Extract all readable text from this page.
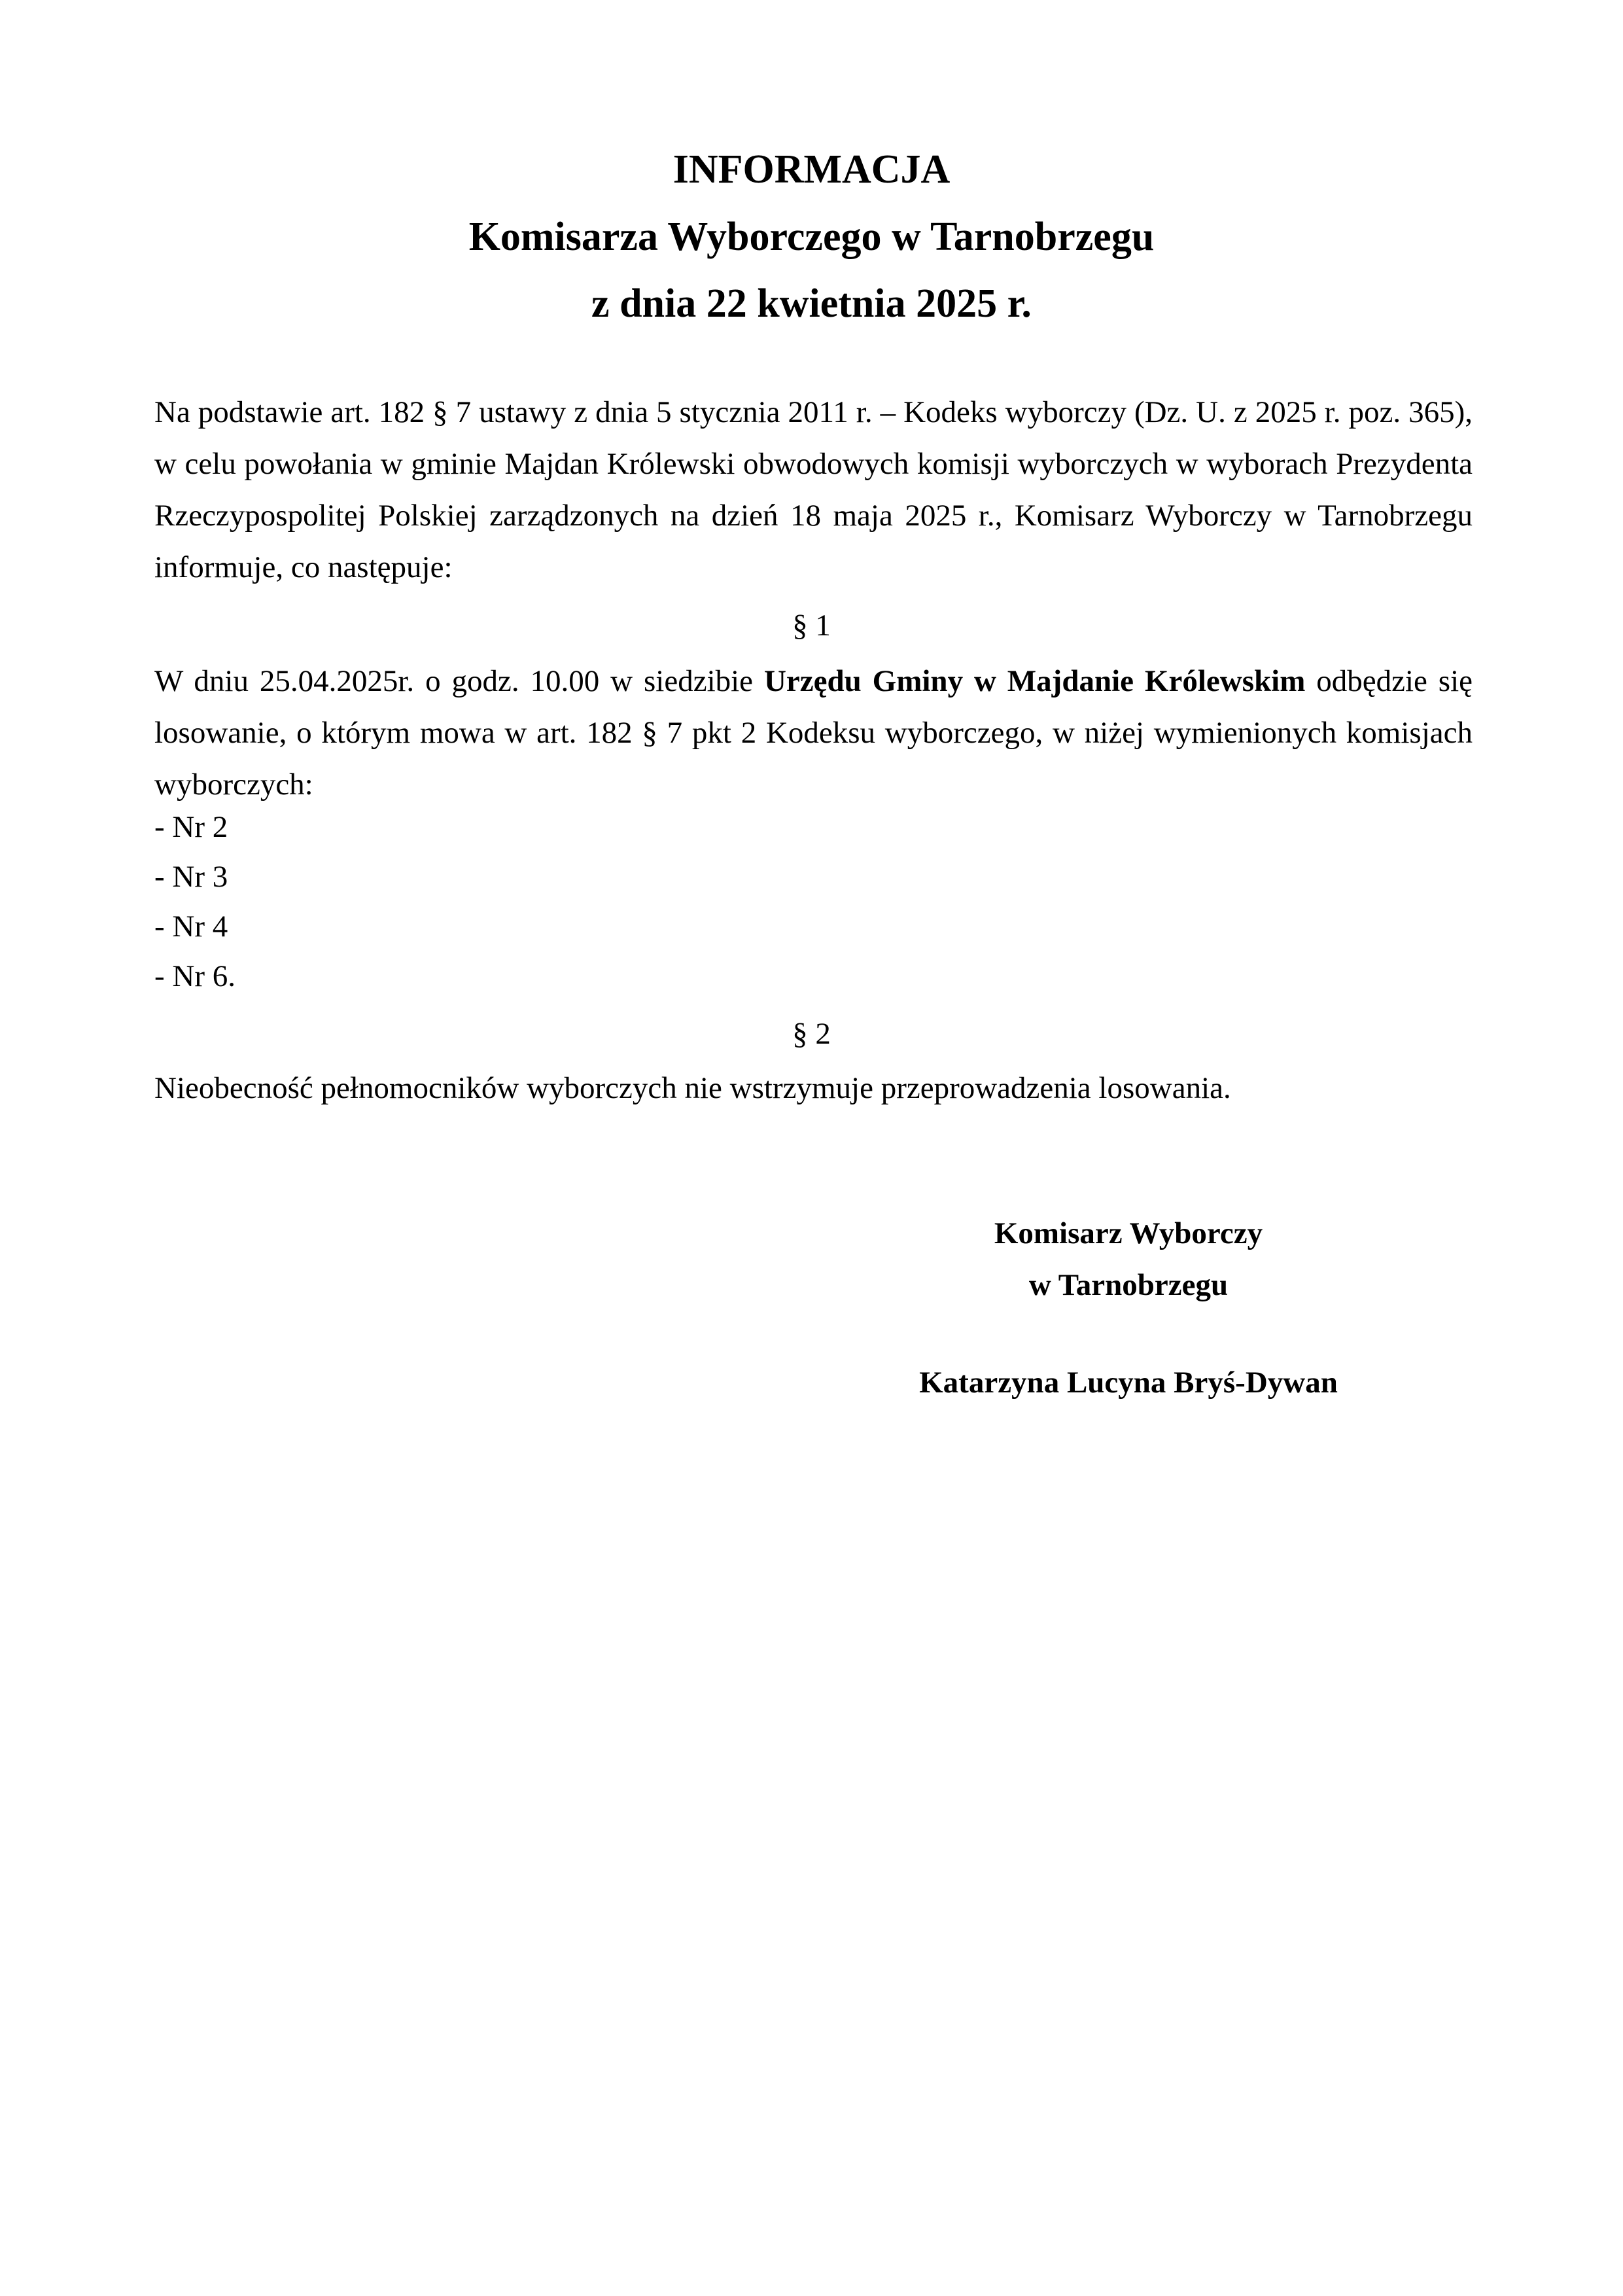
INFORMACJA
Komisarza Wyborczego w Tarnobrzegu
z dnia 22 kwietnia 2025 r.
Na podstawie art. 182 § 7 ustawy z dnia 5 stycznia 2011 r. – Kodeks wyborczy (Dz. U. z 2025 r. poz. 365), w celu powołania w gminie Majdan Królewski obwodowych komisji wyborczych w wyborach Prezydenta Rzeczypospolitej Polskiej zarządzonych na dzień 18 maja 2025 r., Komisarz Wyborczy w Tarnobrzegu informuje, co następuje:
§ 1
W dniu 25.04.2025r. o godz. 10.00 w siedzibie Urzędu Gminy w Majdanie Królewskim odbędzie się losowanie, o którym mowa w art. 182 § 7 pkt 2 Kodeksu wyborczego, w niżej wymienionych komisjach wyborczych:
- Nr 2
- Nr 3
- Nr 4
- Nr 6.
§ 2
Nieobecność pełnomocników wyborczych nie wstrzymuje przeprowadzenia losowania.
Komisarz Wyborczy
w Tarnobrzegu
Katarzyna Lucyna Bryś-Dywan
